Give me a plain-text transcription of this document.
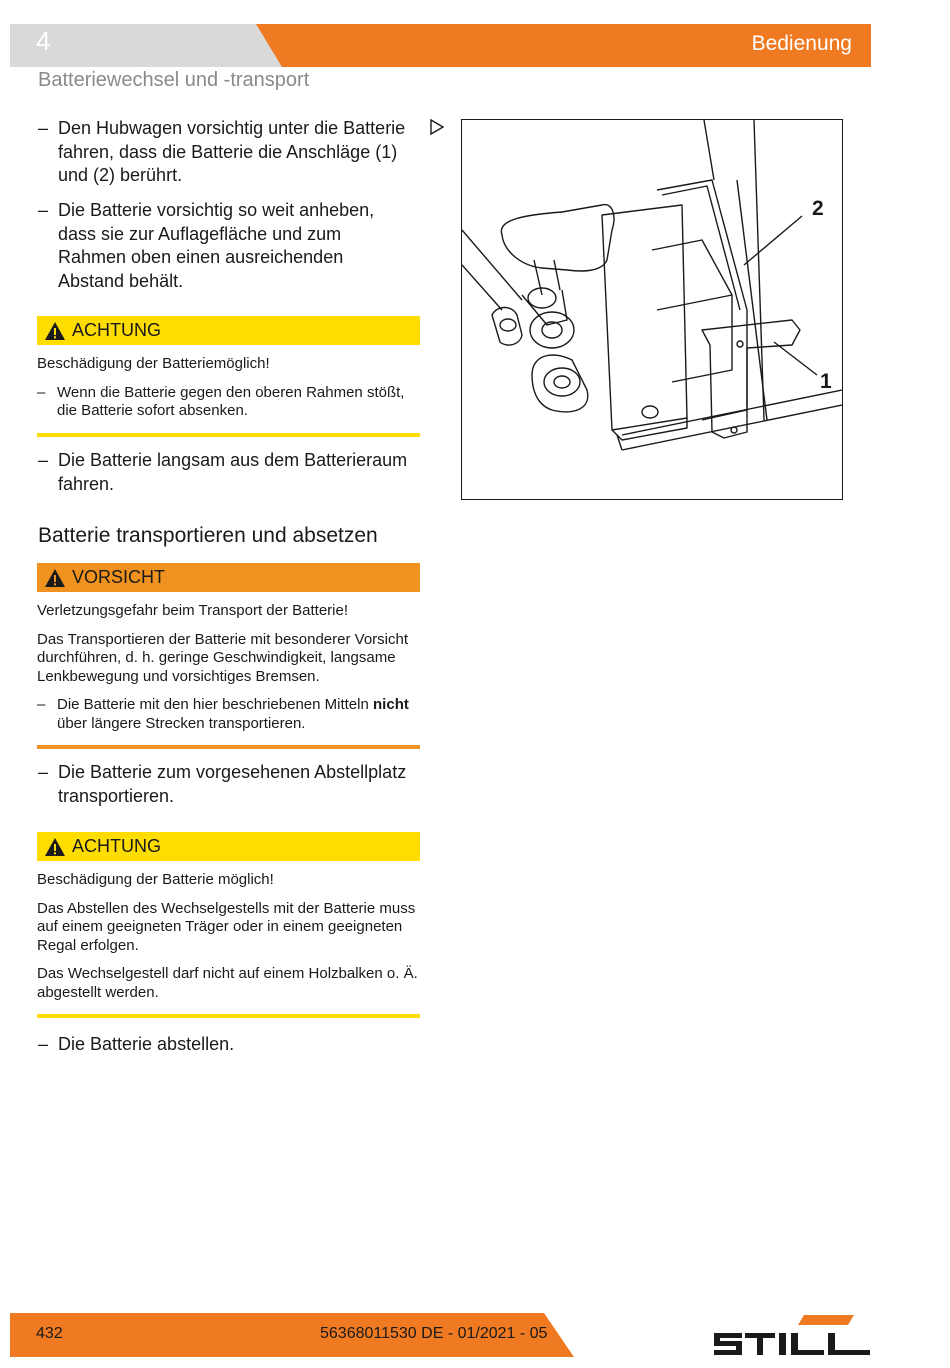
4	Bedienung
Batteriewechsel und -transport
– Den Hubwagen vorsichtig unter die Batterie fahren, dass die Batterie die Anschläge (1) und (2) berührt.
– Die Batterie vorsichtig so weit anheben, dass sie zur Auflagefläche und zum Rahmen oben einen ausreichenden Abstand behält.
ACHTUNG

Beschädigung der Batteriemöglich!

– Wenn die Batterie gegen den oberen Rahmen stößt, die Batterie sofort absenken.
– Die Batterie langsam aus dem Batterieraum fahren.
Batterie transportieren und absetzen
VORSICHT

Verletzungsgefahr beim Transport der Batterie!

Das Transportieren der Batterie mit besonderer Vorsicht durchführen, d. h. geringe Geschwindigkeit, langsame Lenkbewegung und vorsichtiges Bremsen.

– Die Batterie mit den hier beschriebenen Mitteln nicht über längere Strecken transportieren.
– Die Batterie zum vorgesehenen Abstellplatz transportieren.
ACHTUNG

Beschädigung der Batterie möglich!

Das Abstellen des Wechselgestells mit der Batterie muss auf einem geeigneten Träger oder in einem geeigneten Regal erfolgen.

Das Wechselgestell darf nicht auf einem Holzbalken o. Ä. abgestellt werden.

– Die Batterie abstellen.
2
1
432	56368011530 DE - 01/2021 - 05
